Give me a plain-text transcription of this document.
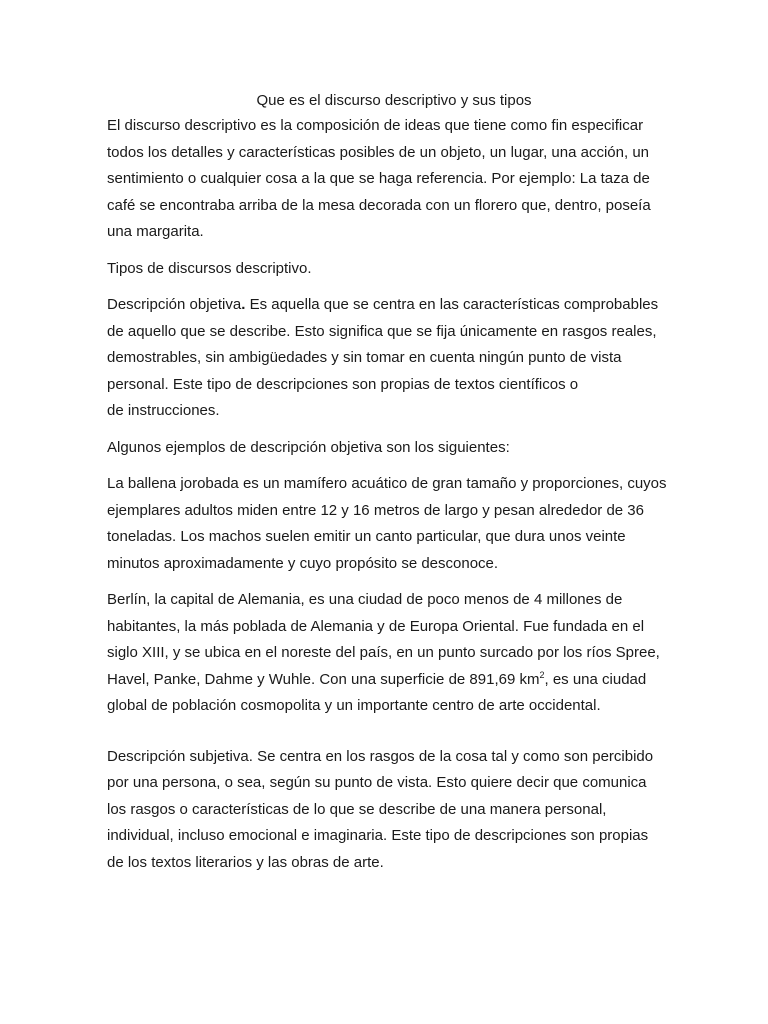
Que es el discurso descriptivo y sus tipos

El discurso descriptivo es la composición de ideas que tiene como fin especificar todos los detalles y características posibles de un objeto, un lugar, una acción, un sentimiento o cualquier cosa a la que se haga referencia. Por ejemplo: La taza de café se encontraba arriba de la mesa decorada con un florero que, dentro, poseía una margarita.

Tipos de discursos descriptivo.

Descripción objetiva. Es aquella que se centra en las características comprobables de aquello que se describe. Esto significa que se fija únicamente en rasgos reales, demostrables, sin ambigüedades y sin tomar en cuenta ningún punto de vista personal. Este tipo de descripciones son propias de textos científicos o
de instrucciones.

Algunos ejemplos de descripción objetiva son los siguientes:

La ballena jorobada es un mamífero acuático de gran tamaño y proporciones, cuyos ejemplares adultos miden entre 12 y 16 metros de largo y pesan alrededor de 36 toneladas. Los machos suelen emitir un canto particular, que dura unos veinte minutos aproximadamente y cuyo propósito se desconoce.

Berlín, la capital de Alemania, es una ciudad de poco menos de 4 millones de habitantes, la más poblada de Alemania y de Europa Oriental. Fue fundada en el siglo XIII, y se ubica en el noreste del país, en un punto surcado por los ríos Spree, Havel, Panke, Dahme y Wuhle. Con una superficie de 891,69 $km^2$, es una ciudad global de población cosmopolita y un importante centro de arte occidental.

Descripción subjetiva. Se centra en los rasgos de la cosa tal y como son percibido por una persona, o sea, según su punto de vista. Esto quiere decir que comunica los rasgos o características de lo que se describe de una manera personal, individual, incluso emocional e imaginaria. Este tipo de descripciones son propias de los textos literarios y las obras de arte.
